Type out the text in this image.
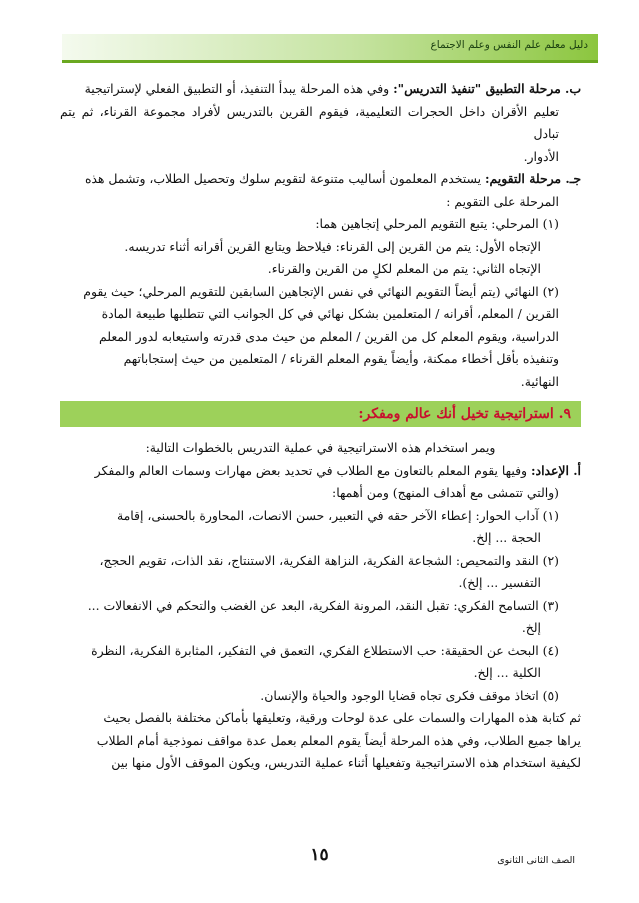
دليل معلم علم النفس وعلم الاجتماع

ب. مرحلة التطبيق "تنفيذ التدريس": وفي هذه المرحلة يبدأ التنفيذ، أو التطبيق الفعلي لإستراتيجية

تعليم الأقران داخل الحجرات التعليمية، فيقوم القرين بالتدريس لأفراد مجموعة القرناء، ثم يتم تبادل

الأدوار.

جـ. مرحلة التقويم: يستخدم المعلمون أساليب متنوعة لتقويم سلوك وتحصيل الطلاب، وتشمل هذه

المرحلة على التقويم :

(١) المرحلي: يتبع التقويم المرحلي إتجاهين هما:

الإتجاه الأول: يتم من القرين إلى القرناء: فيلاحظ ويتابع القرين أقرانه أثناء تدريسه.

الإتجاه الثاني: يتم من المعلم لكلٍ من القرين والقرناء.

(٢) النهائي (يتم أيضاً التقويم النهائي في نفس الإتجاهين السابقين للتقويم المرحلي؛ حيث يقوم

القرين / المعلم، أقرانه / المتعلمين بشكل نهائي في كل الجوانب التي تتطلبها طبيعة المادة

الدراسية، ويقوم المعلم كل من القرين / المعلم من حيث مدى قدرته واستيعابه لدور المعلم

وتنفيذه بأقل أخطاء ممكنة، وأيضاً يقوم المعلم القرناء / المتعلمين من حيث إستجاباتهم

النهائية.

٩. استراتيجية تخيل أنك عالم ومفكر:

ويمر استخدام هذه الاستراتيجية في عملية التدريس بالخطوات التالية:

أ. الإعداد: وفيها يقوم المعلم بالتعاون مع الطلاب في تحديد بعض مهارات وسمات العالم والمفكر

(والتي تتمشى مع أهداف المنهج) ومن أهمها:

(١) آداب الحوار: إعطاء الآخر حقه في التعبير، حسن الانصات، المحاورة بالحسنى، إقامة

الحجة ... إلخ.

(٢) النقد والتمحيص: الشجاعة الفكرية، النزاهة الفكرية، الاستنتاج، نقد الذات، تقويم الحجج،

التفسير ... إلخ).

(٣) التسامح الفكري: تقبل النقد، المرونة الفكرية، البعد عن الغضب والتحكم في الانفعالات ...

إلخ.

(٤) البحث عن الحقيقة: حب الاستطلاع الفكري، التعمق في التفكير، المثابرة الفكرية، النظرة

الكلية ... إلخ.

(٥) اتخاذ موقف فكرى تجاه قضايا الوجود والحياة والإنسان.

ثم كتابة هذه المهارات والسمات على عدة لوحات ورقية، وتعليقها بأماكن مختلفة بالفصل بحيث

يراها جميع الطلاب، وفي هذه المرحلة أيضاً يقوم المعلم بعمل عدة مواقف نموذجية أمام الطلاب

لكيفية استخدام هذه الاستراتيجية وتفعيلها أثناء عملية التدريس، ويكون الموقف الأول منها بين

١٥	الصف الثانى الثانوى
